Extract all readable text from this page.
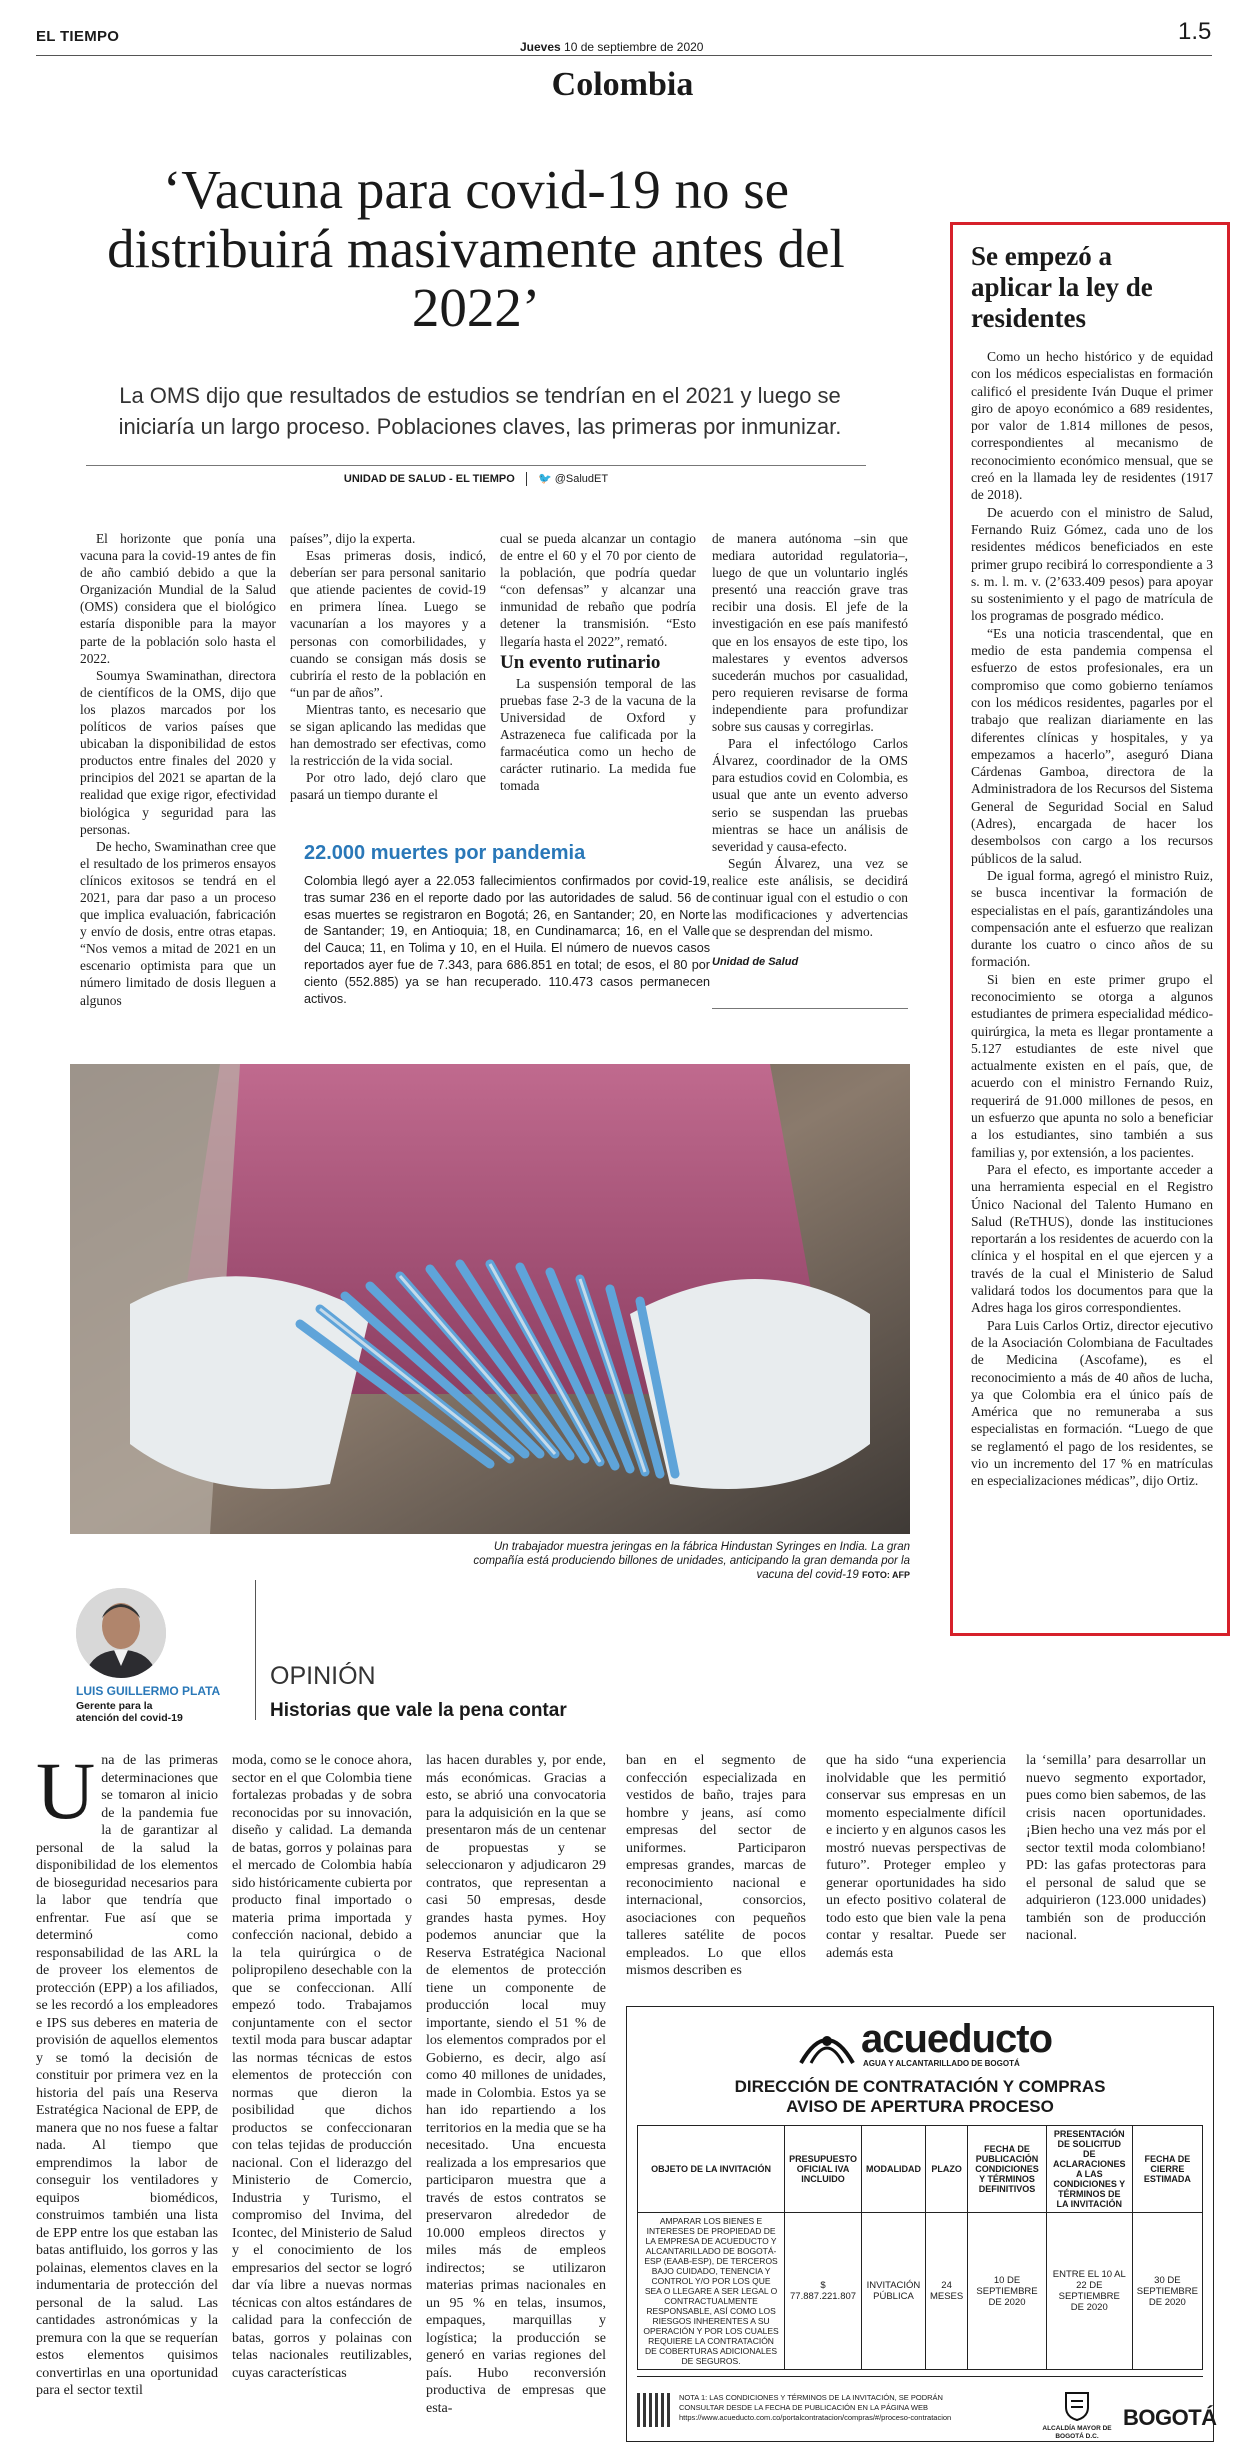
EL TIEMPO
Jueves 10 de septiembre de 2020
1.5
Colombia
‘Vacuna para covid-19 no se distribuirá masivamente antes del 2022’
La OMS dijo que resultados de estudios se tendrían en el 2021 y luego se iniciaría un largo proceso. Poblaciones claves, las primeras por inmunizar.
UNIDAD DE SALUD - EL TIEMPO 🐦 @SaludET

El horizonte que ponía una vacuna para la covid-19 antes de fin de año cambió debido a que la Organización Mundial de la Salud (OMS) considera que el biológico estaría disponible para la mayor parte de la población solo hasta el 2022.

Soumya Swaminathan, directora de científicos de la OMS, dijo que los plazos marcados por los políticos de varios países que ubicaban la disponibilidad de estos productos entre finales del 2020 y principios del 2021 se apartan de la realidad que exige rigor, efectividad biológica y seguridad para las personas.

De hecho, Swaminathan cree que el resultado de los primeros ensayos clínicos exitosos se tendrá en el 2021, para dar paso a un proceso que implica evaluación, fabricación y envío de dosis, entre otras etapas. “Nos vemos a mitad de 2021 en un escenario optimista para que un número limitado de dosis lleguen a algunos

países”, dijo la experta.

Esas primeras dosis, indicó, deberían ser para personal sanitario que atiende pacientes de covid-19 en primera línea. Luego se vacunarían a los mayores y a personas con comorbilidades, y cuando se consigan más dosis se cubriría el resto de la población en “un par de años”.

Mientras tanto, es necesario que se sigan aplicando las medidas que han demostrado ser efectivas, como la restricción de la vida social.

Por otro lado, dejó claro que pasará un tiempo durante el

cual se pueda alcanzar un contagio de entre el 60 y el 70 por ciento de la población, que podría quedar “con defensas” y alcanzar una inmunidad de rebaño que podría detener la transmisión. “Esto llegaría hasta el 2022”, remató.

Un evento rutinario

La suspensión temporal de las pruebas fase 2-3 de la vacuna de la Universidad de Oxford y Astrazeneca fue calificada por la farmacéutica como un hecho de carácter rutinario. La medida fue tomada

de manera autónoma –sin que mediara autoridad regulatoria–, luego de que un voluntario inglés presentó una reacción grave tras recibir una dosis. El jefe de la investigación en ese país manifestó que en los ensayos de este tipo, los malestares y eventos adversos sucederán muchos por casualidad, pero requieren revisarse de forma independiente para profundizar sobre sus causas y corregirlas.

Para el infectólogo Carlos Álvarez, coordinador de la OMS para estudios covid en Colombia, es usual que ante un evento adverso serio se suspendan las pruebas mientras se hace un análisis de severidad y causa-efecto.

Según Álvarez, una vez se realice este análisis, se decidirá continuar igual con el estudio o con las modificaciones y advertencias que se desprendan del mismo.

Unidad de Salud
22.000 muertes por pandemia
Colombia llegó ayer a 22.053 fallecimientos confirmados por covid-19, tras sumar 236 en el reporte dado por las autoridades de salud. 56 de esas muertes se registraron en Bogotá; 26, en Santander; 20, en Norte de Santander; 19, en Antioquia; 18, en Cundinamarca; 16, en el Valle del Cauca; 11, en Tolima y 10, en el Huila. El número de nuevos casos reportados ayer fue de 7.343, para 686.851 en total; de esos, el 80 por ciento (552.885) ya se han recuperado. 110.473 casos permanecen activos.
Un trabajador muestra jeringas en la fábrica Hindustan Syringes en India. La gran compañía está produciendo billones de unidades, anticipando la gran demanda por la vacuna del covid-19 FOTO: AFP
Se empezó a aplicar la ley de residentes

Como un hecho histórico y de equidad con los médicos especialistas en formación calificó el presidente Iván Duque el primer giro de apoyo económico a 689 residentes, por valor de 1.814 millones de pesos, correspondientes al mecanismo de reconocimiento económico mensual, que se creó en la llamada ley de residentes (1917 de 2018).

De acuerdo con el ministro de Salud, Fernando Ruiz Gómez, cada uno de los residentes médicos beneficiados en este primer grupo recibirá lo correspondiente a 3 s. m. l. m. v. (2’633.409 pesos) para apoyar su sostenimiento y el pago de matrícula de los programas de posgrado médico.

“Es una noticia trascendental, que en medio de esta pandemia compensa el esfuerzo de estos profesionales, era un compromiso que como gobierno teníamos con los médicos residentes, pagarles por el trabajo que realizan diariamente en las diferentes clínicas y hospitales, y ya empezamos a hacerlo”, aseguró Diana Cárdenas Gamboa, directora de la Administradora de los Recursos del Sistema General de Seguridad Social en Salud (Adres), encargada de hacer los desembolsos con cargo a los recursos públicos de la salud.

De igual forma, agregó el ministro Ruiz, se busca incentivar la formación de especialistas en el país, garantizándoles una compensación ante el esfuerzo que realizan durante los cuatro o cinco años de su formación.

Si bien en este primer grupo el reconocimiento se otorga a algunos estudiantes de primera especialidad médico-quirúrgica, la meta es llegar prontamente a 5.127 estudiantes de este nivel que actualmente existen en el país, que, de acuerdo con el ministro Fernando Ruiz, requerirá de 91.000 millones de pesos, en un esfuerzo que apunta no solo a beneficiar a los estudiantes, sino también a sus familias y, por extensión, a los pacientes.

Para el efecto, es importante acceder a una herramienta especial en el Registro Único Nacional del Talento Humano en Salud (ReTHUS), donde las instituciones reportarán a los residentes de acuerdo con la clínica y el hospital en el que ejercen y a través de la cual el Ministerio de Salud validará todos los documentos para que la Adres haga los giros correspondientes.

Para Luis Carlos Ortiz, director ejecutivo de la Asociación Colombiana de Facultades de Medicina (Ascofame), es el reconocimiento a más de 40 años de lucha, ya que Colombia era el único país de América que no remuneraba a sus especialistas en formación. “Luego de que se reglamentó el pago de los residentes, se vio un incremento del 17 % en matrículas en especializaciones médicas”, dijo Ortiz.

LUIS GUILLERMO PLATA
Gerente para la atención del covid-19
OPINIÓN
Historias que vale la pena contar

Una de las primeras determinaciones que se tomaron al inicio de la pandemia fue la de garantizar al personal de la salud la disponibilidad de los elementos de bioseguridad necesarios para la labor que tendría que enfrentar. Fue así que se determinó como responsabilidad de las ARL la de proveer los elementos de protección (EPP) a los afiliados, se les recordó a los empleadores e IPS sus deberes en materia de provisión de aquellos elementos y se tomó la decisión de constituir por primera vez en la historia del país una Reserva Estratégica Nacional de EPP, de manera que no nos fuese a faltar nada. Al tiempo que emprendimos la labor de conseguir los ventiladores y equipos biomédicos, construimos también una lista de EPP entre los que estaban las batas antifluido, los gorros y las polainas, elementos claves en la indumentaria de protección del personal de la salud. Las cantidades astronómicas y la premura con la que se requerían estos elementos quisimos convertirlas en una oportunidad para el sector textil

moda, como se le conoce ahora, sector en el que Colombia tiene fortalezas probadas y de sobra reconocidas por su innovación, diseño y calidad. La demanda de batas, gorros y polainas para el mercado de Colombia había sido históricamente cubierta por producto final importado o materia prima importada y confección nacional, debido a la tela quirúrgica o de polipropileno desechable con la que se confeccionan. Allí empezó todo. Trabajamos conjuntamente con el sector textil moda para buscar adaptar las normas técnicas de estos elementos de protección con normas que dieron la posibilidad que dichos productos se confeccionaran con telas tejidas de producción nacional. Con el liderazgo del Ministerio de Comercio, Industria y Turismo, el compromiso del Invima, del Icontec, del Ministerio de Salud y el conocimiento de los empresarios del sector se logró dar vía libre a nuevas normas técnicas con altos estándares de calidad para la confección de batas, gorros y polainas con telas nacionales reutilizables, cuyas características

las hacen durables y, por ende, más económicas. Gracias a esto, se abrió una convocatoria para la adquisición en la que se presentaron más de un centenar de propuestas y se seleccionaron y adjudicaron 29 contratos, que representan a casi 50 empresas, desde grandes hasta pymes. Hoy podemos anunciar que la Reserva Estratégica Nacional de elementos de protección tiene un componente de producción local muy importante, siendo el 51 % de los elementos comprados por el Gobierno, es decir, algo así como 40 millones de unidades, made in Colombia. Estos ya se han ido repartiendo a los territorios en la media que se ha necesitado. Una encuesta realizada a los empresarios que participaron muestra que a través de estos contratos se preservaron alrededor de 10.000 empleos directos y miles más de empleos indirectos; se utilizaron materias primas nacionales en un 95 % en telas, insumos, empaques, marquillas y logística; la producción se generó en varias regiones del país. Hubo reconversión productiva de empresas que esta-

ban en el segmento de confección especializada en vestidos de baño, trajes para hombre y jeans, así como empresas del sector de uniformes. Participaron empresas grandes, marcas de reconocimiento nacional e internacional, consorcios, asociaciones con pequeños talleres satélite de pocos empleados. Lo que ellos mismos describen es

que ha sido “una experiencia inolvidable que les permitió conservar sus empresas en un momento especialmente difícil e incierto y en algunos casos les mostró nuevas perspectivas de futuro”. Proteger empleo y generar oportunidades ha sido un efecto positivo colateral de todo esto que bien vale la pena contar y resaltar. Puede ser además esta

la ‘semilla’ para desarrollar un nuevo segmento exportador, pues como bien sabemos, de las crisis nacen oportunidades. ¡Bien hecho una vez más por el sector textil moda colombiano! PD: las gafas protectoras para el personal de salud que se adquirieron (123.000 unidades) también son de producción nacional.

acueducto
AGUA Y ALCANTARILLADO DE BOGOTÁ
DIRECCIÓN DE CONTRATACIÓN Y COMPRAS
AVISO DE APERTURA PROCESO
OBJETO DE LA INVITACIÓN	PRESUPUESTO OFICIAL IVA INCLUIDO	MODALIDAD	PLAZO	FECHA DE PUBLICACIÓN CONDICIONES Y TÉRMINOS DEFINITIVOS	PRESENTACIÓN DE SOLICITUD DE ACLARACIONES A LAS CONDICIONES Y TÉRMINOS DE LA INVITACIÓN	FECHA DE CIERRE ESTIMADA
AMPARAR LOS BIENES E INTERESES DE PROPIEDAD DE LA EMPRESA DE ACUEDUCTO Y ALCANTARILLADO DE BOGOTÁ-ESP (EAAB-ESP), DE TERCEROS BAJO CUIDADO, TENENCIA Y CONTROL Y/O POR LOS QUE SEA O LLEGARE A SER LEGAL O CONTRACTUALMENTE RESPONSABLE, ASÍ COMO LOS RIESGOS INHERENTES A SU OPERACIÓN Y POR LOS CUALES REQUIERE LA CONTRATACIÓN DE COBERTURAS ADICIONALES DE SEGUROS.	$ 77.887.221.807	INVITACIÓN PÚBLICA	24 MESES	10 DE SEPTIEMBRE DE 2020	ENTRE EL 10 AL 22 DE SEPTIEMBRE DE 2020	30 DE SEPTIEMBRE DE 2020
NOTA 1: LAS CONDICIONES Y TÉRMINOS DE LA INVITACIÓN, SE PODRÁN CONSULTAR DESDE LA FECHA DE PUBLICACIÓN EN LA PÁGINA WEB https://www.acueducto.com.co/portalcontratacion/compras/#/proceso-contratacion
ALCALDÍA MAYOR DE BOGOTÁ D.C.
BOGOTÁ
